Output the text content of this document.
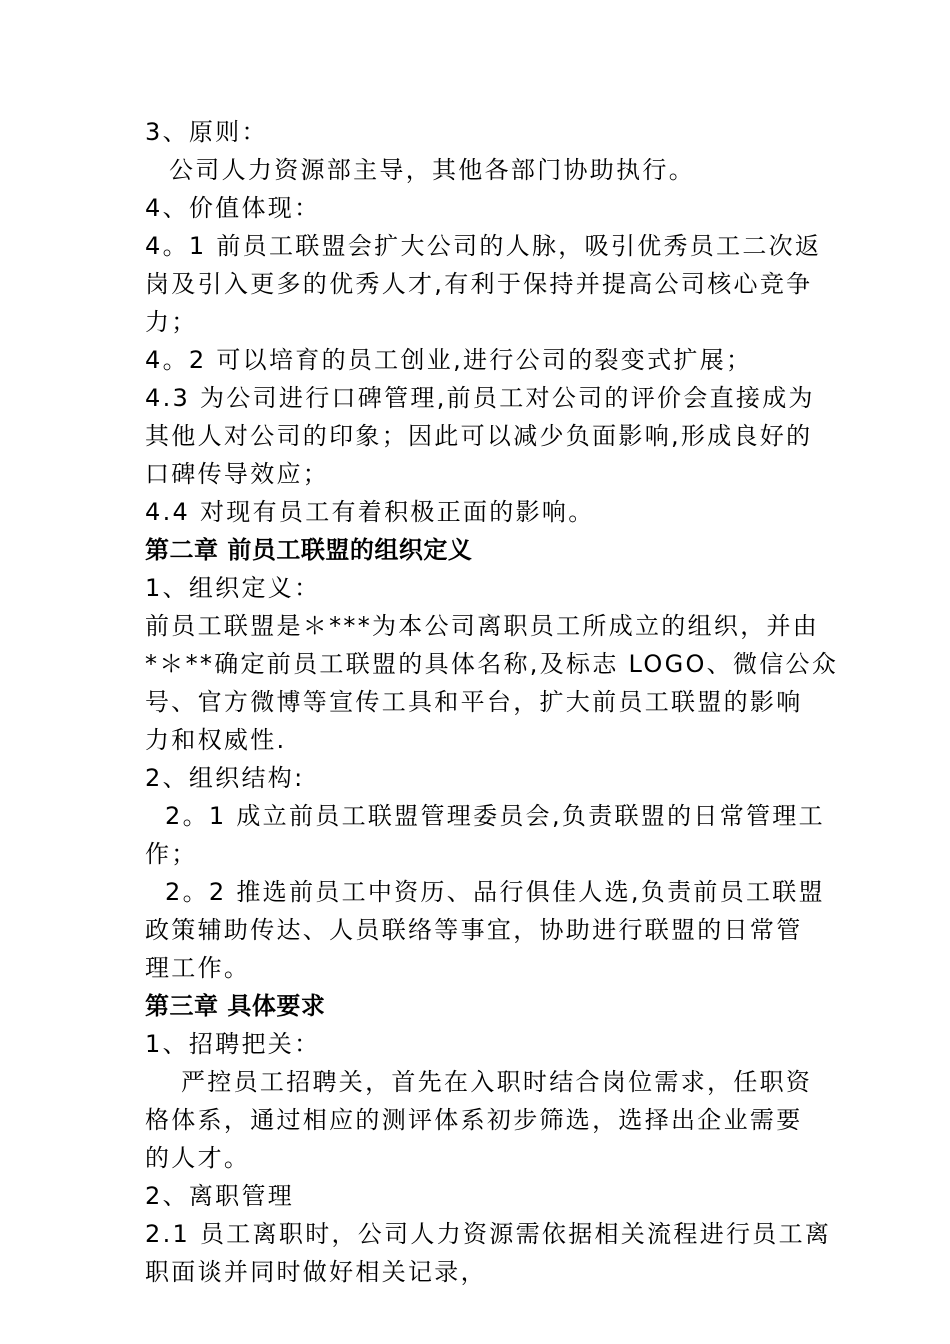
3、原则：
公司人力资源部主导，其他各部门协助执行。
4、价值体现：
4。1 前员工联盟会扩大公司的人脉，吸引优秀员工二次返
岗及引入更多的优秀人才,有利于保持并提高公司核心竞争
力；
4。2 可以培育的员工创业,进行公司的裂变式扩展；
4.3 为公司进行口碑管理,前员工对公司的评价会直接成为
其他人对公司的印象；因此可以减少负面影响,形成良好的
口碑传导效应；
4.4 对现有员工有着积极正面的影响。
第二章 前员工联盟的组织定义
1、组织定义：
前员工联盟是＊***为本公司离职员工所成立的组织，并由
*＊**确定前员工联盟的具体名称,及标志 LOGO、微信公众
号、官方微博等宣传工具和平台，扩大前员工联盟的影响
力和权威性.
2、组织结构:
2。1 成立前员工联盟管理委员会,负责联盟的日常管理工
作；
2。2 推选前员工中资历、品行俱佳人选,负责前员工联盟
政策辅助传达、人员联络等事宜，协助进行联盟的日常管
理工作。
第三章 具体要求
1、招聘把关：
严控员工招聘关，首先在入职时结合岗位需求，任职资
格体系，通过相应的测评体系初步筛选，选择出企业需要
的人才。
2、离职管理
2.1 员工离职时，公司人力资源需依据相关流程进行员工离
职面谈并同时做好相关记录，
